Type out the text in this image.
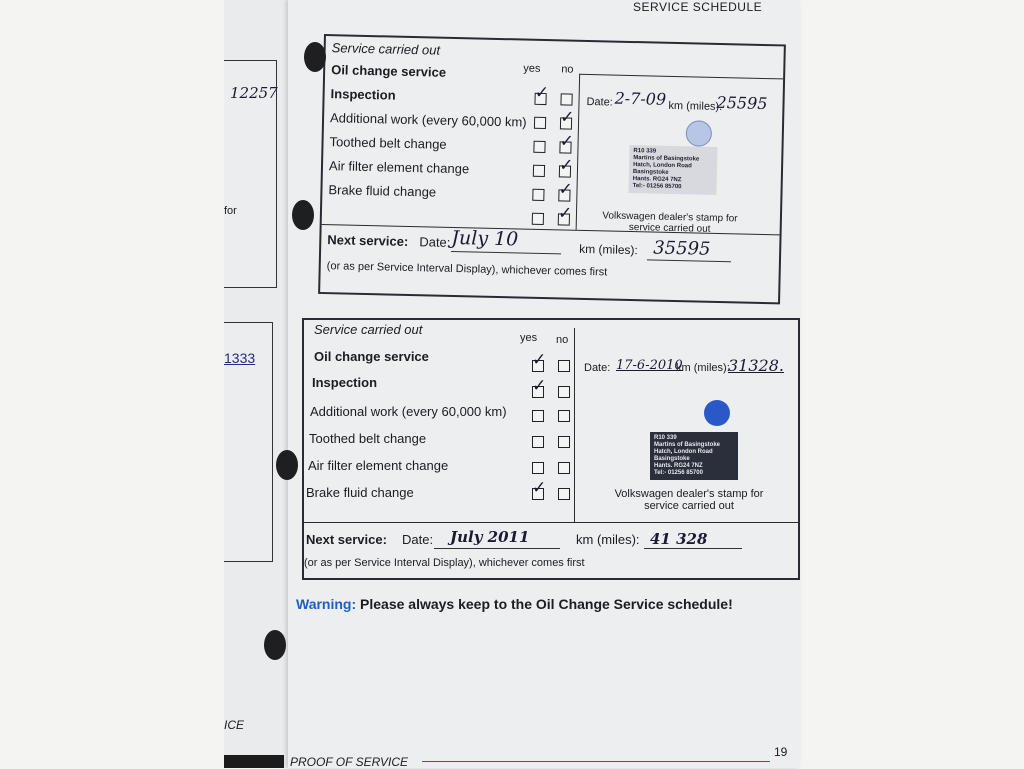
12257
for
1333
ICE
SERVICE SCHEDULE
Service carried out
yes no
Oil change service
Inspection
Additional work (every 60,000 km)
Toothed belt change
Air filter element change
Brake fluid change
✓
✓
✓
✓
✓
✓
Date: 2-7-09 km (miles):
25595
R10 339
Martins of Basingstoke
Hatch, London Road
Basingstoke
Hants. RG24 7NZ
Tel:- 01256 85700
Volkswagen dealer's stamp for service carried out
Next service: Date: July 10	km (miles): 35595
(or as per Service Interval Display), whichever comes first
Service carried out
yes no
Oil change service
Inspection
Additional work (every 60,000 km)
Toothed belt change
Air filter element change
Brake fluid change
✓
✓
✓
Date: 17-6-2010
km (miles):
31328.
R10 339
Martins of Basingstoke
Hatch, London Road
Basingstoke
Hants. RG24 7NZ
Tel:- 01256 85700
Volkswagen dealer's stamp for service carried out
Next service: Date: July 2011	km (miles): 41 328
(or as per Service Interval Display), whichever comes first
Warning: Please always keep to the Oil Change Service schedule!
PROOF OF SERVICE
19
